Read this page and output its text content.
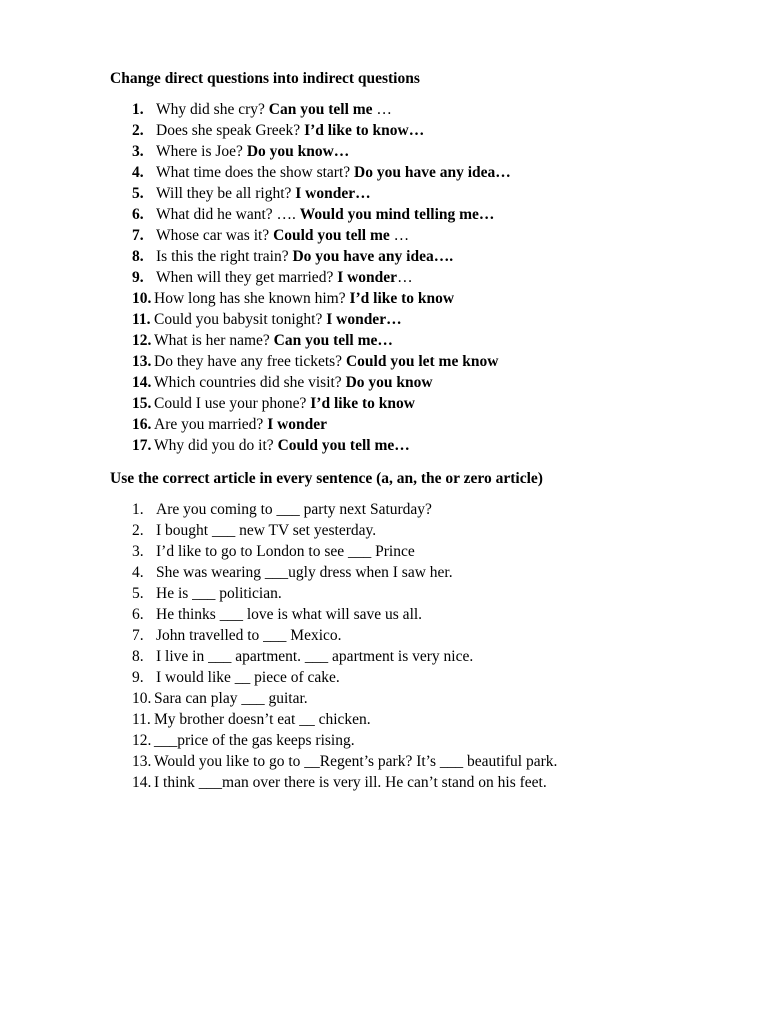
Change direct questions into indirect questions
1. Why did she cry? Can you tell me …
2. Does she speak Greek? I’d like to know…
3. Where is Joe? Do you know…
4. What time does the show start? Do you have any idea…
5. Will they be all right? I wonder…
6. What did he want? …. Would you mind telling me…
7. Whose car was it? Could you tell me …
8. Is this the right train? Do you have any idea….
9. When will they get married? I wonder…
10. How long has she known him? I’d like to know
11. Could you babysit tonight? I wonder…
12. What is her name? Can you tell me…
13. Do they have any free tickets? Could you let me know
14. Which countries did she visit? Do you know
15. Could I use your phone? I’d like to know
16. Are you married? I wonder
17. Why did you do it? Could you tell me…
Use the correct article in every sentence (a, an, the or zero article)
1. Are you coming to ___ party next Saturday?
2. I bought ___ new TV set yesterday.
3. I’d like to go to London to see ___ Prince
4. She was wearing ___ugly dress when I saw her.
5. He is ___ politician.
6. He thinks ___ love is what will save us all.
7. John travelled to ___ Mexico.
8. I live in ___ apartment. ___ apartment is very nice.
9. I would like __ piece of cake.
10. Sara can play ___ guitar.
11. My brother doesn’t eat __ chicken.
12. ___price of the gas keeps rising.
13. Would you like to go to __Regent’s park? It’s ___ beautiful park.
14. I think ___man over there is very ill. He can’t stand on his feet.
